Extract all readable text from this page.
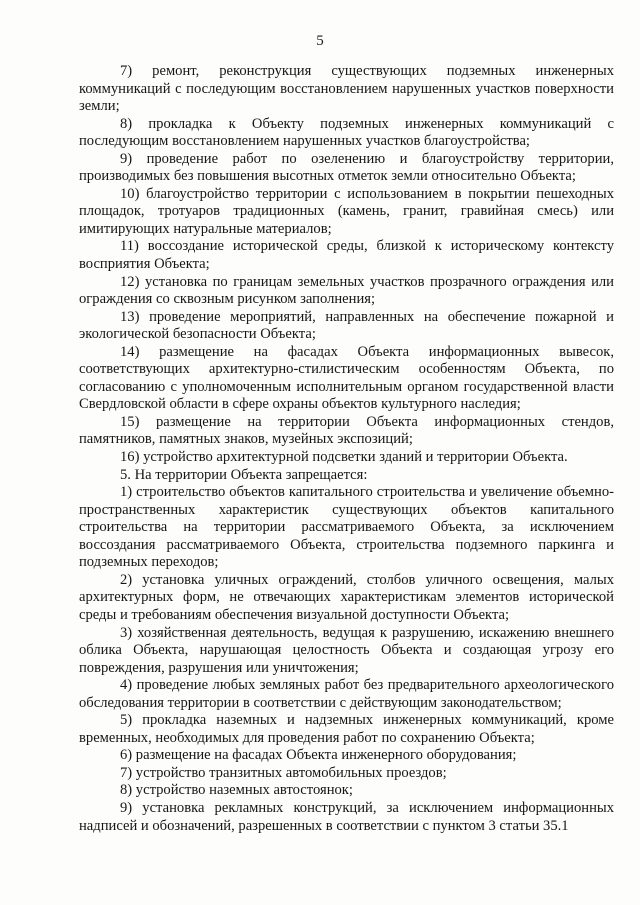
5

7) ремонт, реконструкция существующих подземных инженерных коммуникаций с последующим восстановлением нарушенных участков поверхности земли;

8) прокладка к Объекту подземных инженерных коммуникаций с последующим восстановлением нарушенных участков благоустройства;

9) проведение работ по озеленению и благоустройству территории, производимых без повышения высотных отметок земли относительно Объекта;

10) благоустройство территории с использованием в покрытии пешеходных площадок, тротуаров традиционных (камень, гранит, гравийная смесь) или имитирующих натуральные материалов;

11) воссоздание исторической среды, близкой к историческому контексту восприятия Объекта;

12) установка по границам земельных участков прозрачного ограждения или ограждения со сквозным рисунком заполнения;

13) проведение мероприятий, направленных на обеспечение пожарной и экологической безопасности Объекта;

14) размещение на фасадах Объекта информационных вывесок, соответствующих архитектурно-стилистическим особенностям Объекта, по согласованию с уполномоченным исполнительным органом государственной власти Свердловской области в сфере охраны объектов культурного наследия;

15) размещение на территории Объекта информационных стендов, памятников, памятных знаков, музейных экспозиций;

16) устройство архитектурной подсветки зданий и территории Объекта.

5. На территории Объекта запрещается:

1) строительство объектов капитального строительства и увеличение объемно-пространственных характеристик существующих объектов капитального строительства на территории рассматриваемого Объекта, за исключением воссоздания рассматриваемого Объекта, строительства подземного паркинга и подземных переходов;

2) установка уличных ограждений, столбов уличного освещения, малых архитектурных форм, не отвечающих характеристикам элементов исторической среды и требованиям обеспечения визуальной доступности Объекта;

3) хозяйственная деятельность, ведущая к разрушению, искажению внешнего облика Объекта, нарушающая целостность Объекта и создающая угрозу его повреждения, разрушения или уничтожения;

4) проведение любых земляных работ без предварительного археологического обследования территории в соответствии с действующим законодательством;

5) прокладка наземных и надземных инженерных коммуникаций, кроме временных, необходимых для проведения работ по сохранению Объекта;

6) размещение на фасадах Объекта инженерного оборудования;

7) устройство транзитных автомобильных проездов;

8) устройство наземных автостоянок;

9) установка рекламных конструкций, за исключением информационных надписей и обозначений, разрешенных в соответствии с пунктом 3 статьи 35.1
